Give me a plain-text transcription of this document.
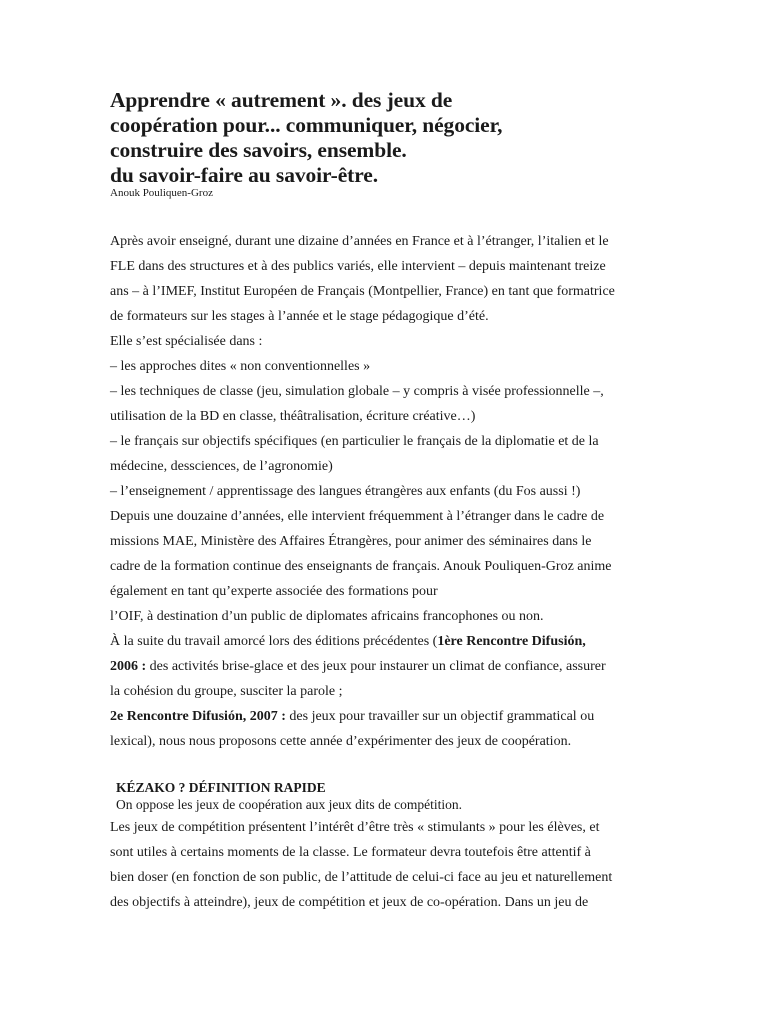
Apprendre « autrement ». des jeux de
coopération pour... communiquer, négocier,
construire des savoirs, ensemble.
du savoir-faire au savoir-être.
Anouk Pouliquen-Groz
Après avoir enseigné, durant une dizaine d’années en France et à l’étranger, l’italien et le
FLE dans des structures et à des publics variés, elle intervient – depuis maintenant treize
ans – à l’IMEF, Institut Européen de Français (Montpellier, France) en tant que formatrice
de formateurs sur les stages à l’année et le stage pédagogique d’été.
Elle s’est spécialisée dans :
– les approches dites « non conventionnelles »
– les techniques de classe (jeu, simulation globale – y compris à visée professionnelle –,
utilisation de la BD en classe, théâtralisation, écriture créative…)
– le français sur objectifs spécifiques (en particulier le français de la diplomatie et de la
médecine, dessciences, de l’agronomie)
– l’enseignement / apprentissage des langues étrangères aux enfants (du Fos aussi !)
Depuis une douzaine d’années, elle intervient fréquemment à l’étranger dans le cadre de
missions MAE, Ministère des Affaires Étrangères, pour animer des séminaires dans le
cadre de la formation continue des enseignants de français. Anouk Pouliquen-Groz anime
également en tant qu’experte associée des formations pour
l’OIF, à destination d’un public de diplomates africains francophones ou non.
À la suite du travail amorcé lors des éditions précédentes (1ère Rencontre Difusión,
2006 : des activités brise-glace et des jeux pour instaurer un climat de confiance, assurer
la cohésion du groupe, susciter la parole ;
2e Rencontre Difusión, 2007 : des jeux pour travailler sur un objectif grammatical ou
lexical), nous nous proposons cette année d’expérimenter des jeux de coopération.
KÉZAKO ? DÉFINITION RAPIDE
On oppose les jeux de coopération aux jeux dits de compétition.
Les jeux de compétition présentent l’intérêt d’être très « stimulants » pour les élèves, et
sont utiles à certains moments de la classe. Le formateur devra toutefois être attentif à
bien doser (en fonction de son public, de l’attitude de celui-ci face au jeu et naturellement
des objectifs à atteindre), jeux de compétition et jeux de co-opération. Dans un jeu de
